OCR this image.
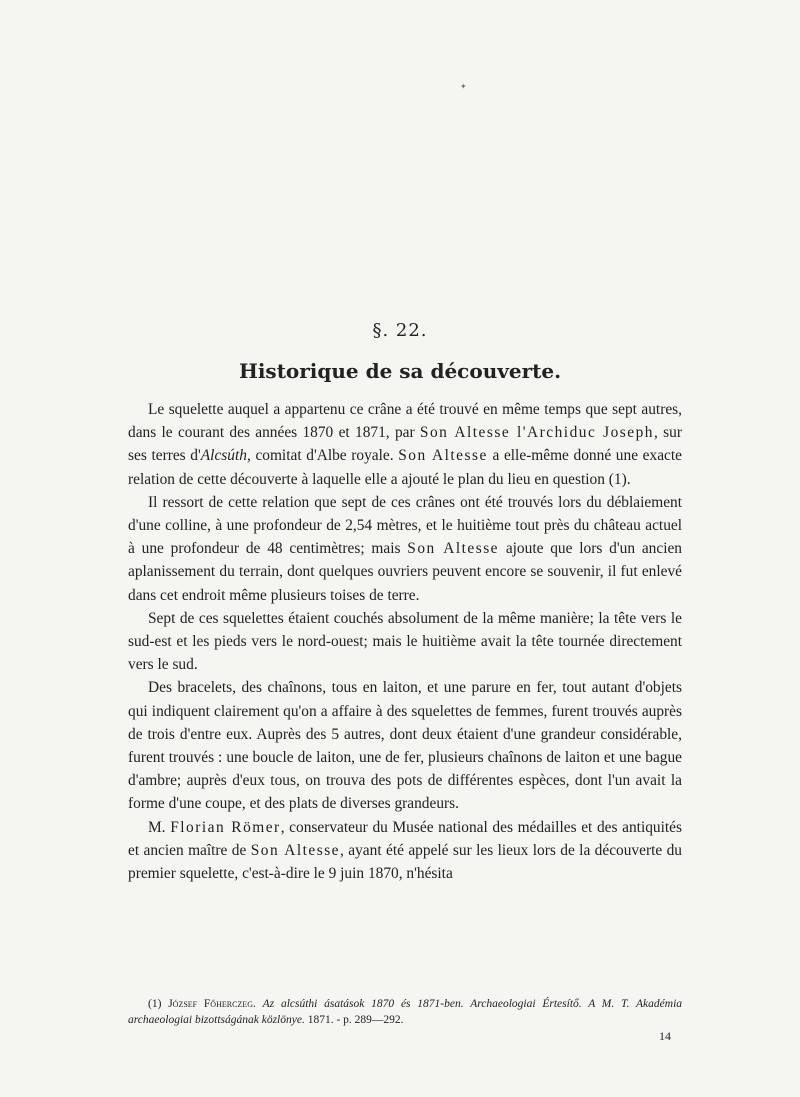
✦
§. 22.
Historique de sa découverte.

Le squelette auquel a appartenu ce crâne a été trouvé en même temps que sept autres, dans le courant des années 1870 et 1871, par Son Altesse l'Archiduc Joseph, sur ses terres d'Alcsúth, comitat d'Albe royale. Son Altesse a elle-même donné une exacte relation de cette découverte à laquelle elle a ajouté le plan du lieu en question (1).

Il ressort de cette relation que sept de ces crânes ont été trouvés lors du déblaiement d'une colline, à une profondeur de 2,54 mètres, et le huitième tout près du château actuel à une profondeur de 48 centimètres; mais Son Altesse ajoute que lors d'un ancien aplanissement du terrain, dont quelques ouvriers peuvent encore se souvenir, il fut enlevé dans cet endroit même plusieurs toises de terre.

Sept de ces squelettes étaient couchés absolument de la même manière; la tête vers le sud-est et les pieds vers le nord-ouest; mais le huitième avait la tête tournée directement vers le sud.

Des bracelets, des chaînons, tous en laiton, et une parure en fer, tout autant d'objets qui indiquent clairement qu'on a affaire à des squelettes de femmes, furent trouvés auprès de trois d'entre eux. Auprès des 5 autres, dont deux étaient d'une grandeur considérable, furent trouvés : une boucle de laiton, une de fer, plusieurs chaînons de laiton et une bague d'ambre; auprès d'eux tous, on trouva des pots de différentes espèces, dont l'un avait la forme d'une coupe, et des plats de diverses grandeurs.

M. Florian Römer, conservateur du Musée national des médailles et des antiquités et ancien maître de Son Altesse, ayant été appelé sur les lieux lors de la découverte du premier squelette, c'est-à-dire le 9 juin 1870, n'hésita

(1) József Főherczeg. Az alcsúthi ásatások 1870 és 1871-ben. Archaeologiai Értesítő. A M. T. Akadémia archaeologiai bizottságának közlönye. 1871. - p. 289—292.

14
